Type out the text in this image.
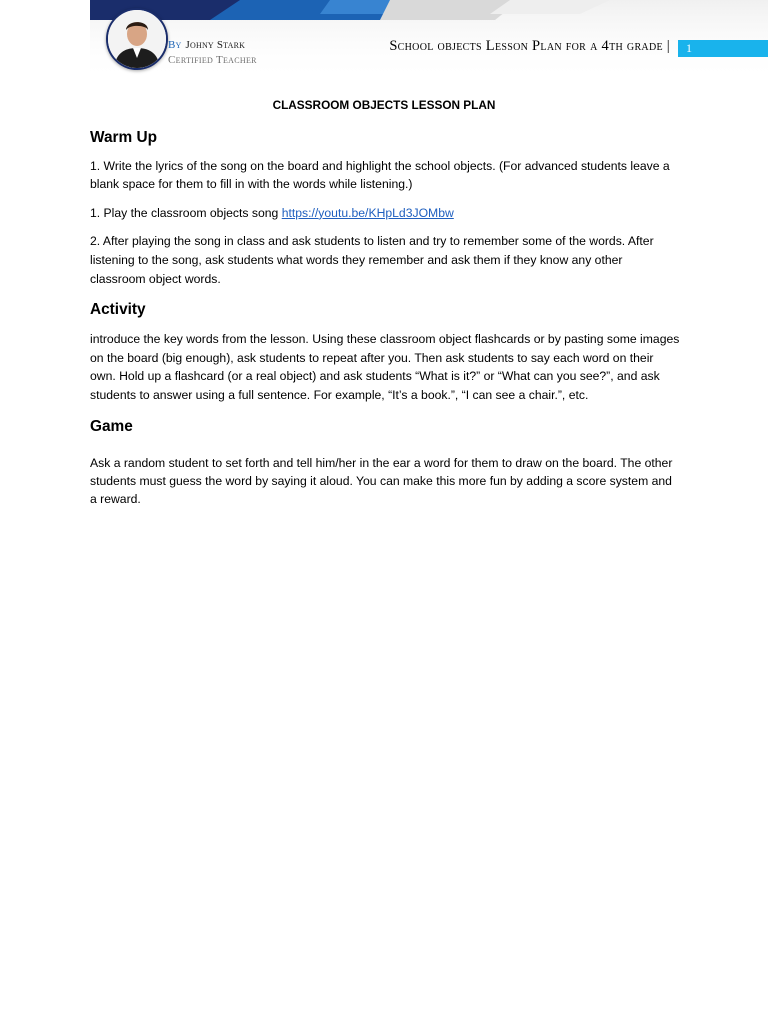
By Johny Stark
Certified Teacher
School objects Lesson Plan for a 4th grade |	1
CLASSROOM OBJECTS LESSON PLAN
Warm Up

1. Write the lyrics of the song on the board and highlight the school objects. (For advanced students leave a blank space for them to fill in with the words while listening.)

1. Play the classroom objects song https://youtu.be/KHpLd3JOMbw

2. After playing the song in class and ask students to listen and try to remember some of the words. After listening to the song, ask students what words they remember and ask them if they know any other classroom object words.

Activity

introduce the key words from the lesson. Using these classroom object flashcards or by pasting some images on the board (big enough), ask students to repeat after you. Then ask students to say each word on their own. Hold up a flashcard (or a real object) and ask students “What is it?” or “What can you see?”, and ask students to answer using a full sentence. For example, “It’s a book.”, “I can see a chair.”, etc.

Game

Ask a random student to set forth and tell him/her in the ear a word for them to draw on the board. The other students must guess the word by saying it aloud. You can make this more fun by adding a score system and a reward.
